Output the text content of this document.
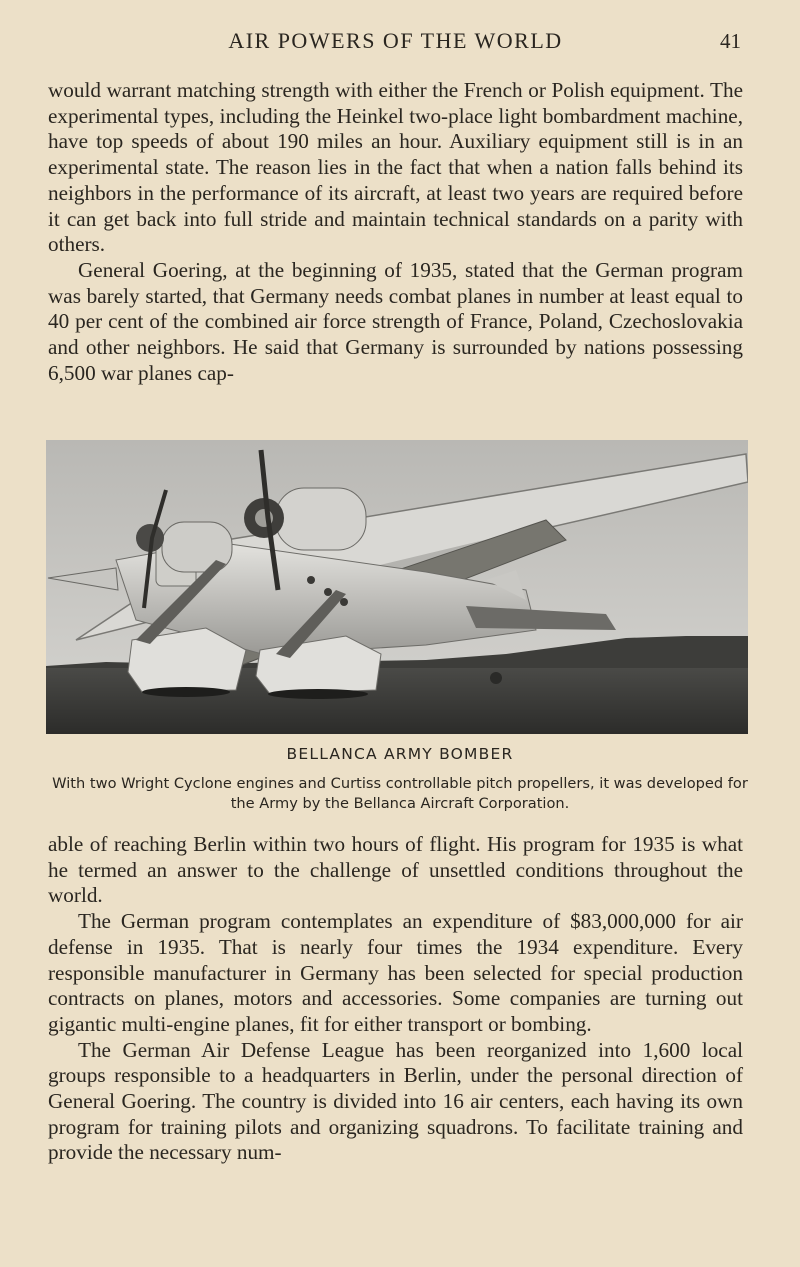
AIR POWERS OF THE WORLD	41

would warrant matching strength with either the French or Polish equipment. The experimental types, including the Heinkel two-place light bombardment machine, have top speeds of about 190 miles an hour. Auxiliary equipment still is in an experimental state. The reason lies in the fact that when a nation falls behind its neighbors in the performance of its aircraft, at least two years are required before it can get back into full stride and maintain technical standards on a parity with others.

General Goering, at the beginning of 1935, stated that the German program was barely started, that Germany needs combat planes in number at least equal to 40 per cent of the combined air force strength of France, Poland, Czechoslovakia and other neighbors. He said that Germany is surrounded by nations possessing 6,500 war planes cap-

BELLANCA ARMY BOMBER
With two Wright Cyclone engines and Curtiss controllable pitch propellers, it was developed for the Army by the Bellanca Aircraft Corporation.

able of reaching Berlin within two hours of flight. His program for 1935 is what he termed an answer to the challenge of unsettled conditions throughout the world.

The German program contemplates an expenditure of $83,000,000 for air defense in 1935. That is nearly four times the 1934 expenditure. Every responsible manufacturer in Germany has been selected for special production contracts on planes, motors and accessories. Some companies are turning out gigantic multi-engine planes, fit for either transport or bombing.

The German Air Defense League has been reorganized into 1,600 local groups responsible to a headquarters in Berlin, under the personal direction of General Goering. The country is divided into 16 air centers, each having its own program for training pilots and organizing squadrons. To facilitate training and provide the necessary num-
